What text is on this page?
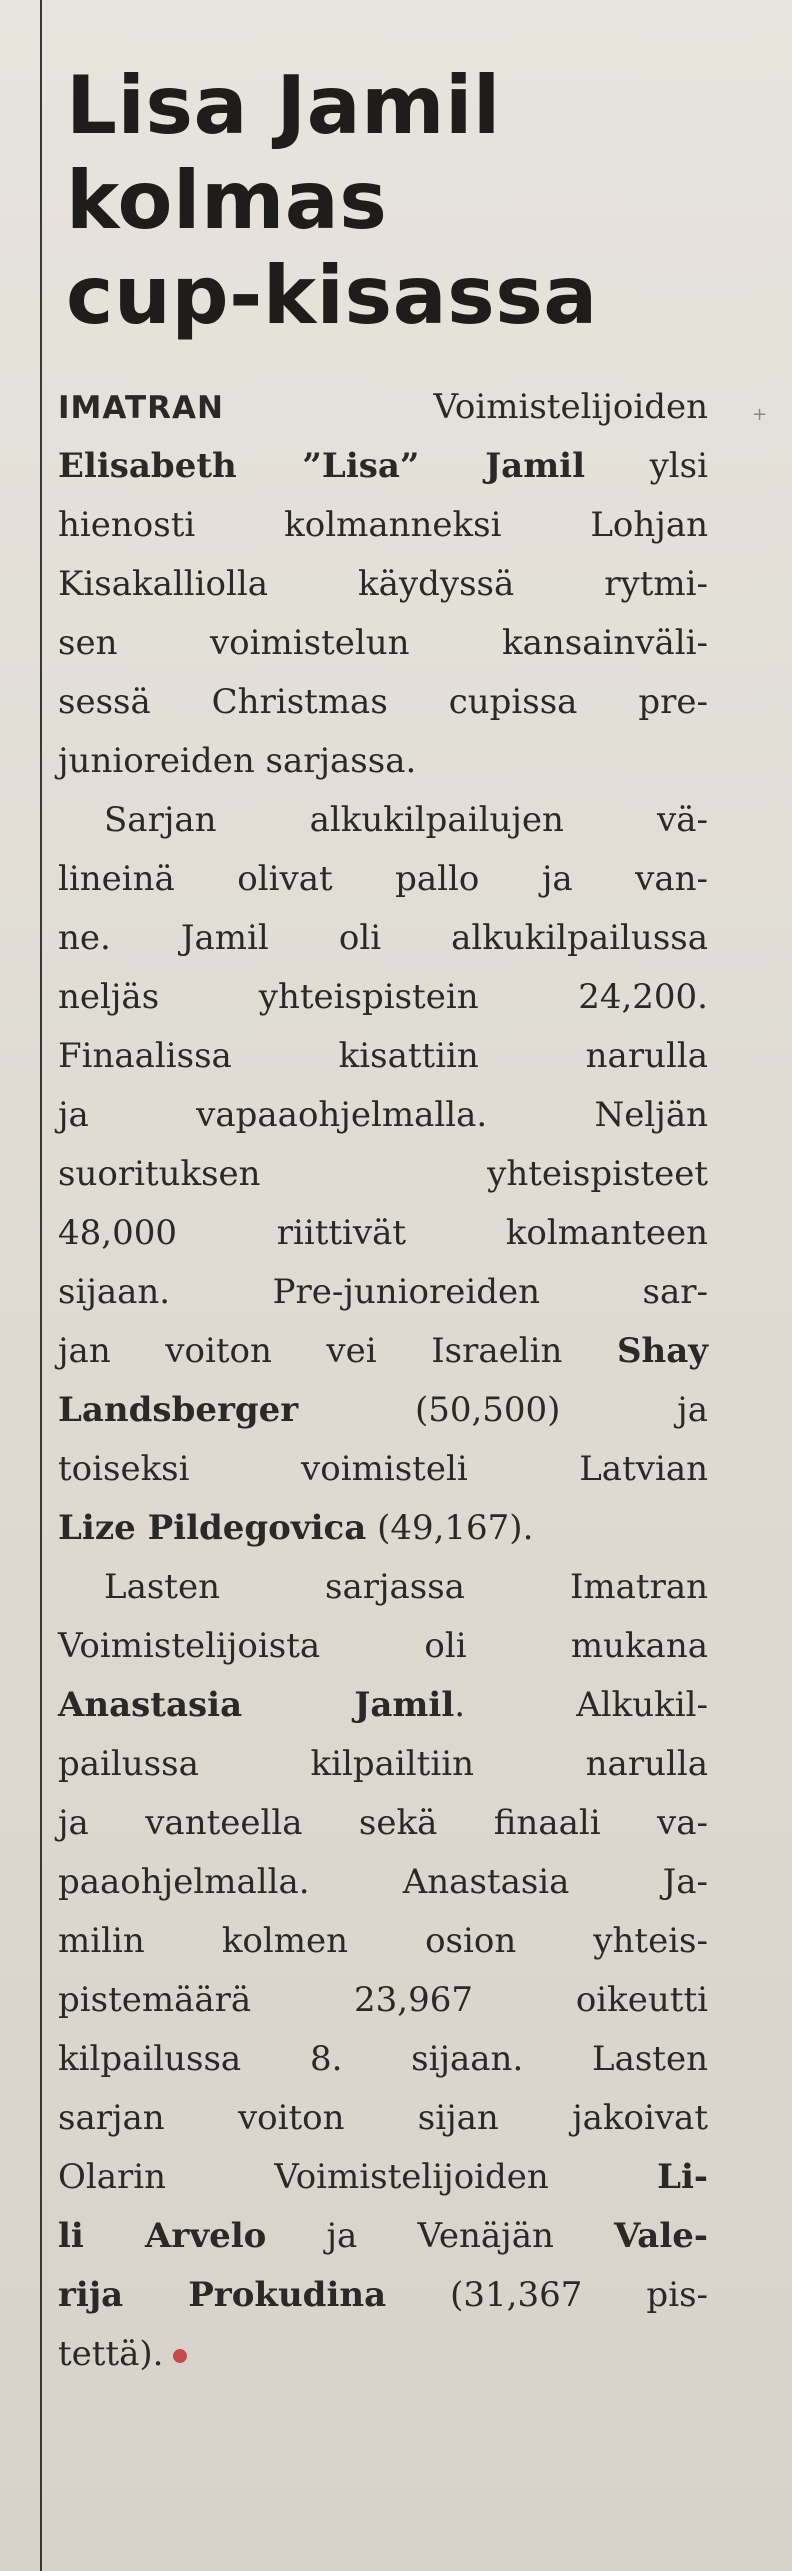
+
Lisa Jamil
kolmas
cup-kisassa
IMATRAN Voimistelijoiden
Elisabeth ”Lisa” Jamil ylsi
hienosti kolmanneksi Lohjan
Kisakalliolla käydyssä rytmi-
sen voimistelun kansainväli-
sessä Christmas cupissa pre-
junioreiden sarjassa.
Sarjan alkukilpailujen vä-
lineinä olivat pallo ja van-
ne. Jamil oli alkukilpailussa
neljäs yhteispistein 24,200.
Finaalissa kisattiin narulla
ja vapaaohjelmalla. Neljän
suorituksen yhteispisteet
48,000 riittivät kolmanteen
sijaan. Pre-junioreiden sar-
jan voiton vei Israelin Shay
Landsberger (50,500) ja
toiseksi voimisteli Latvian
Lize Pildegovica (49,167).
Lasten sarjassa Imatran
Voimistelijoista oli mukana
Anastasia Jamil. Alkukil-
pailussa kilpailtiin narulla
ja vanteella sekä finaali va-
paaohjelmalla. Anastasia Ja-
milin kolmen osion yhteis-
pistemäärä 23,967 oikeutti
kilpailussa 8. sijaan. Lasten
sarjan voiton sijan jakoivat
Olarin Voimistelijoiden Li-
li Arvelo ja Venäjän Vale-
rija Prokudina (31,367 pis-
tettä).
